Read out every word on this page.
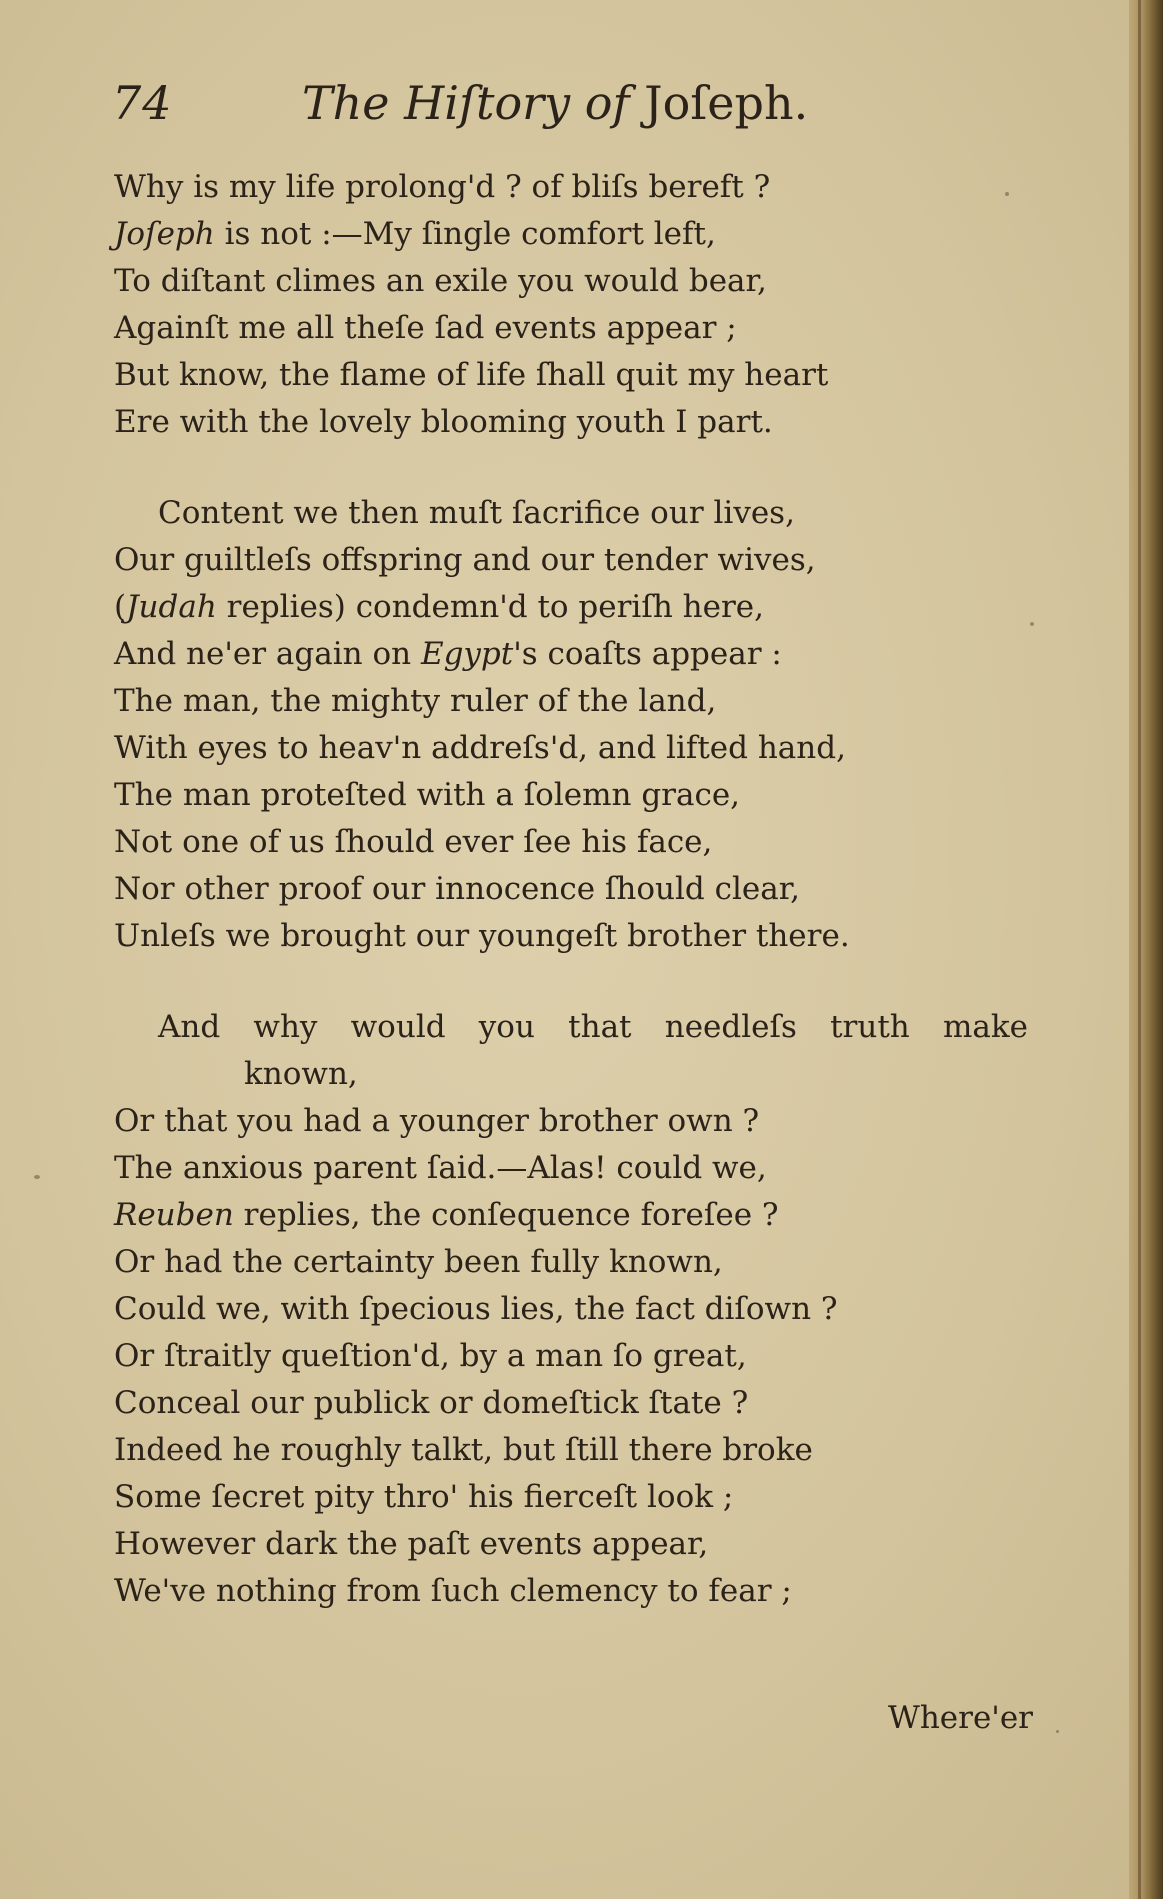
74	The Hiſtory of Joſeph.
Why is my life prolong'd ? of bliſs bereft ?
Joſeph is not :—My ſingle comfort left,
To diſtant climes an exile you would bear,
Againſt me all theſe ſad events appear ;
But know, the flame of life ſhall quit my heart
Ere with the lovely blooming youth I part.
Content we then muſt ſacrifice our lives,
Our guiltleſs offspring and our tender wives,
(Judah replies) condemn'd to periſh here,
And ne'er again on Egypt's coaſts appear :
The man, the mighty ruler of the land,
With eyes to heav'n addreſs'd, and lifted hand,
The man proteſted with a ſolemn grace,
Not one of us ſhould ever ſee his face,
Nor other proof our innocence ſhould clear,
Unleſs we brought our youngeſt brother there.
And why would you that needleſs truth make
known,
Or that you had a younger brother own ?
The anxious parent ſaid.—Alas! could we,
Reuben replies, the conſequence foreſee ?
Or had the certainty been fully known,
Could we, with ſpecious lies, the fact diſown ?
Or ſtraitly queſtion'd, by a man ſo great,
Conceal our publick or domeſtick ſtate ?
Indeed he roughly talkt, but ſtill there broke
Some ſecret pity thro' his fierceſt look ;
However dark the paſt events appear,
We've nothing from ſuch clemency to fear ;
Where'er
